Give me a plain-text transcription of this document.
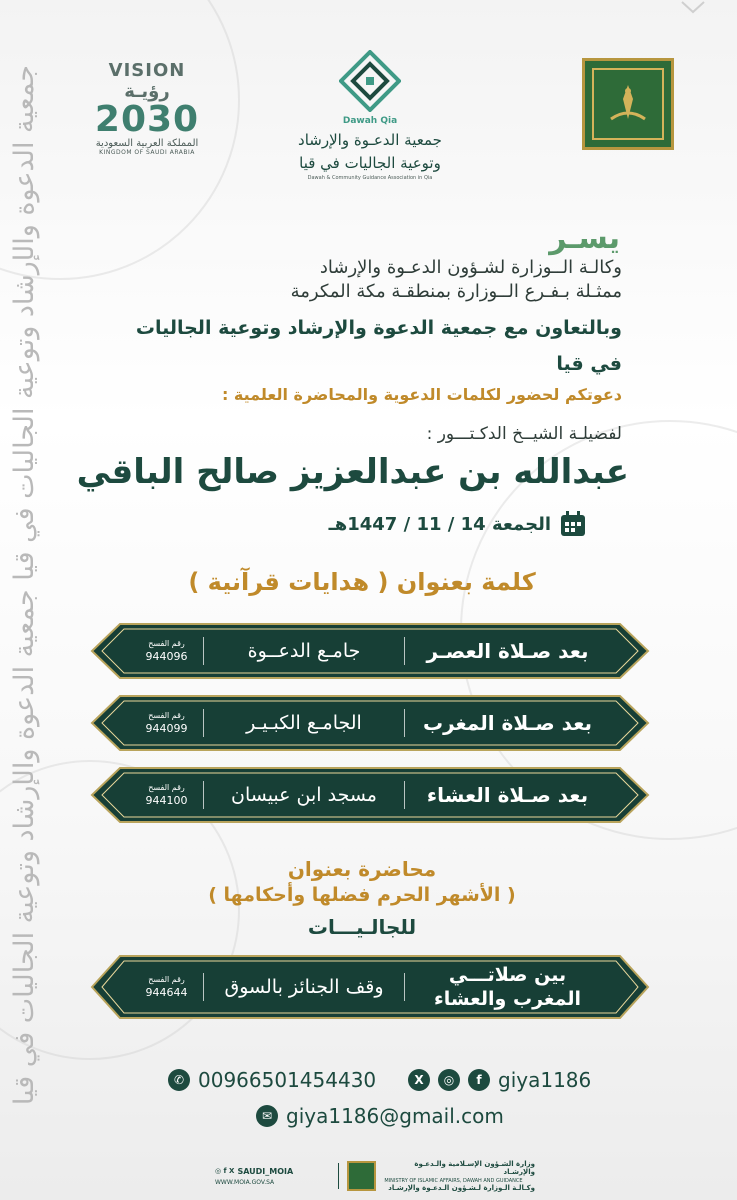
جمعية الدعوة والإرشاد وتوعية الجاليات في قيا جمعية الدعوة والإرشاد وتوعية الجاليات في قيا	VISION رؤيـة
2030
المملكة العربية السعودية
KINGDOM OF SAUDI ARABIA
Dawah Qia
جمعية الدعـوة والإرشاد
وتوعية الجاليات في قيا
Dawah & Community Guidance Association in Qia
يسـر
وكالـة الــوزارة لشـؤون الدعـوة والإرشاد
ممثـلة بـفـرع الــوزارة بمنطقـة مكة المكرمة
وبالتعاون مع جمعية الدعوة والإرشاد وتوعية الجاليات في قيا
دعوتكم لحضور لكلمات الدعوية والمحاضرة العلمية :
لفضيلـة الشيــخ الدكـتـــور :
عبدالله بن عبدالعزيز صالح الباقي
الجمعة 14 / 11 / 1447هـ
كلمة بعنوان ( هدايات قرآنية )
بعد صـلاة العصـر
جامـع الدعــوة
رقم الفسح
944096
بعد صـلاة المغرب
الجامـع الكبـيـر
رقم الفسح
944099
بعد صـلاة العشاء
مسجد ابن عبيسان
رقم الفسح
944100
محاضرة بعنوان
( الأشهر الحرم فضلها وأحكامها )
للجالـيـــات
بين صلاتـــي
المغرب والعشاء
وقف الجنائز بالسوق
رقم الفسح
944644
✆ 00966501454430	X	◎	f giya1186
✉ giya1186@gmail.com
◎ f X SAUDI_MOIA
WWW.MOIA.GOV.SA
وزارة الشـؤون الإسـلامية والـدعـوة والإرشـاد
MINISTRY OF ISLAMIC AFFAIRS, DAWAH AND GUIDANCE
وكـالـة الـوزارة لـشـؤون الـدعـوة والإرشـاد
